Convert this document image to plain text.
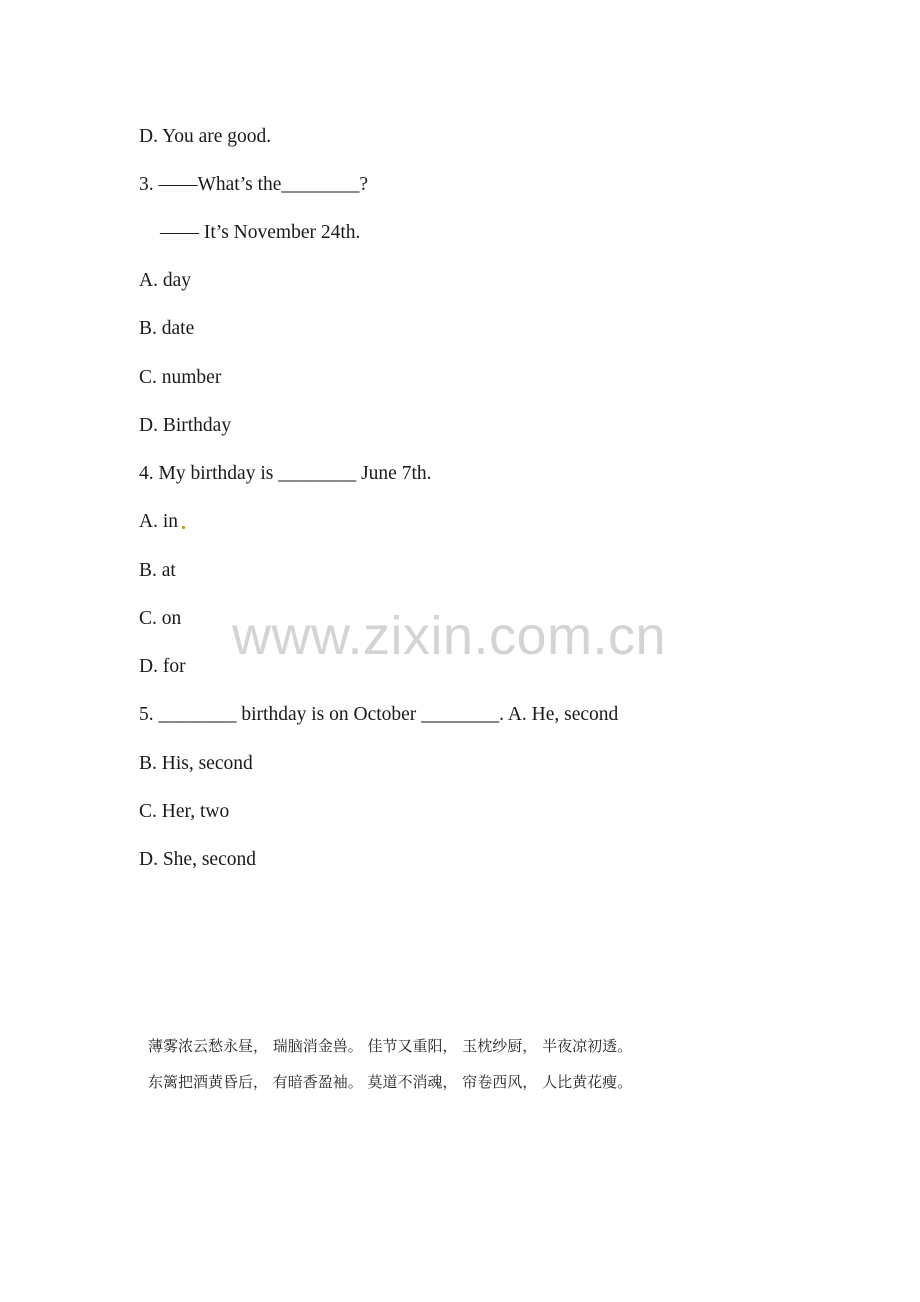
D. You are good.
3. ——What’s the________?
—— It’s November 24th.
A. day
B. date
C. number
D. Birthday
4. My birthday is ________ June 7th.
A. in
B. at
C. on
D. for
5. ________ birthday is on October ________. A. He, second
B. His, second
C. Her, two
D. She, second
www.zixin.com.cn
薄雾浓云愁永昼， 瑞脑消金兽。 佳节又重阳， 玉枕纱厨， 半夜凉初透。
东篱把酒黄昏后， 有暗香盈袖。 莫道不消魂， 帘卷西风， 人比黄花瘦。
